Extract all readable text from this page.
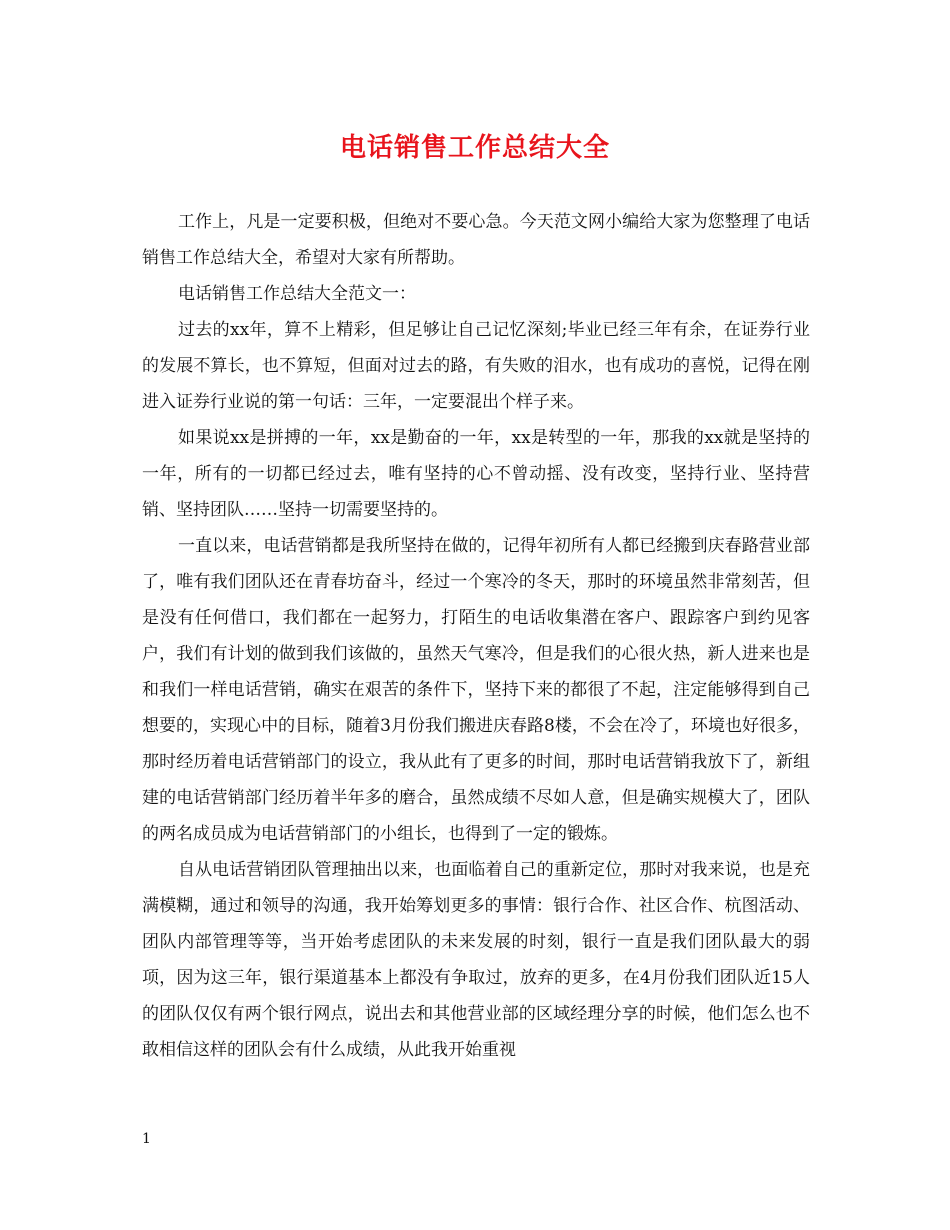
电话销售工作总结大全

工作上，凡是一定要积极，但绝对不要心急。今天范文网小编给大家为您整理了电话销售工作总结大全，希望对大家有所帮助。

电话销售工作总结大全范文一：

过去的xx年，算不上精彩，但足够让自己记忆深刻;毕业已经三年有余，在证券行业的发展不算长，也不算短，但面对过去的路，有失败的泪水，也有成功的喜悦，记得在刚进入证券行业说的第一句话：三年，一定要混出个样子来。

如果说xx是拼搏的一年，xx是勤奋的一年，xx是转型的一年，那我的xx就是坚持的一年，所有的一切都已经过去，唯有坚持的心不曾动摇、没有改变，坚持行业、坚持营销、坚持团队……坚持一切需要坚持的。

一直以来，电话营销都是我所坚持在做的，记得年初所有人都已经搬到庆春路营业部了，唯有我们团队还在青春坊奋斗，经过一个寒冷的冬天，那时的环境虽然非常刻苦，但是没有任何借口，我们都在一起努力，打陌生的电话收集潜在客户、跟踪客户到约见客户，我们有计划的做到我们该做的，虽然天气寒冷，但是我们的心很火热，新人进来也是和我们一样电话营销，确实在艰苦的条件下，坚持下来的都很了不起，注定能够得到自己想要的，实现心中的目标，随着3月份我们搬进庆春路8楼，不会在冷了，环境也好很多，那时经历着电话营销部门的设立，我从此有了更多的时间，那时电话营销我放下了，新组建的电话营销部门经历着半年多的磨合，虽然成绩不尽如人意，但是确实规模大了，团队的两名成员成为电话营销部门的小组长，也得到了一定的锻炼。

自从电话营销团队管理抽出以来，也面临着自己的重新定位，那时对我来说，也是充满模糊，通过和领导的沟通，我开始筹划更多的事情：银行合作、社区合作、杭图活动、团队内部管理等等，当开始考虑团队的未来发展的时刻，银行一直是我们团队最大的弱项，因为这三年，银行渠道基本上都没有争取过，放弃的更多，在4月份我们团队近15人的团队仅仅有两个银行网点，说出去和其他营业部的区域经理分享的时候，他们怎么也不敢相信这样的团队会有什么成绩，从此我开始重视

1
